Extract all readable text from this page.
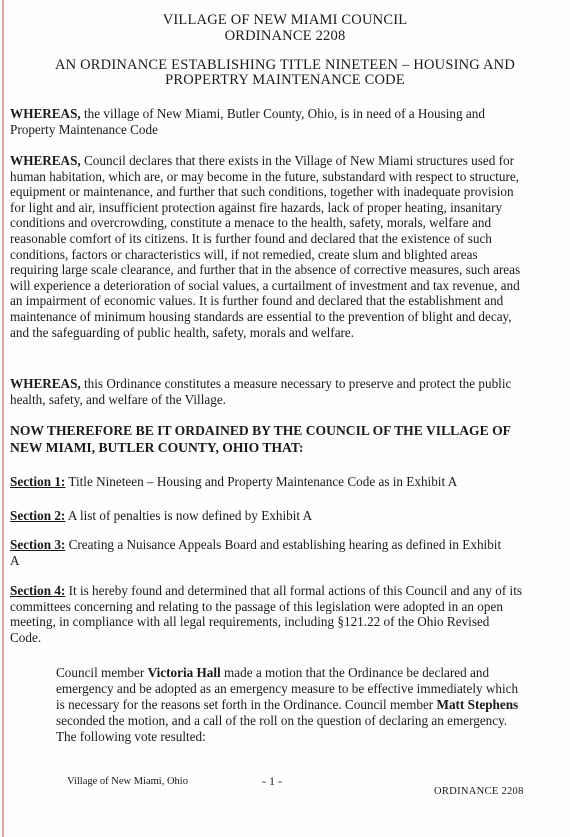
VILLAGE OF NEW MIAMI COUNCIL
ORDINANCE 2208
AN ORDINANCE ESTABLISHING TITLE NINETEEN – HOUSING AND
PROPERTRY MAINTENANCE CODE
WHEREAS, the village of New Miami, Butler County, Ohio, is in need of a Housing and Property Maintenance Code
WHEREAS, Council declares that there exists in the Village of New Miami structures used for human habitation, which are, or may become in the future, substandard with respect to structure, equipment or maintenance, and further that such conditions, together with inadequate provision for light and air, insufficient protection against fire hazards, lack of proper heating, insanitary conditions and overcrowding, constitute a menace to the health, safety, morals, welfare and reasonable comfort of its citizens. It is further found and declared that the existence of such conditions, factors or characteristics will, if not remedied, create slum and blighted areas requiring large scale clearance, and further that in the absence of corrective measures, such areas will experience a deterioration of social values, a curtailment of investment and tax revenue, and an impairment of economic values. It is further found and declared that the establishment and maintenance of minimum housing standards are essential to the prevention of blight and decay, and the safeguarding of public health, safety, morals and welfare.
WHEREAS, this Ordinance constitutes a measure necessary to preserve and protect the public health, safety, and welfare of the Village.
NOW THEREFORE BE IT ORDAINED BY THE COUNCIL OF THE VILLAGE OF NEW MIAMI, BUTLER COUNTY, OHIO THAT:
Section 1: Title Nineteen – Housing and Property Maintenance Code as in Exhibit A
Section 2: A list of penalties is now defined by Exhibit A
Section 3: Creating a Nuisance Appeals Board and establishing hearing as defined in Exhibit A
Section 4: It is hereby found and determined that all formal actions of this Council and any of its committees concerning and relating to the passage of this legislation were adopted in an open meeting, in compliance with all legal requirements, including §121.22 of the Ohio Revised Code.
Council member Victoria Hall made a motion that the Ordinance be declared and emergency and be adopted as an emergency measure to be effective immediately which is necessary for the reasons set forth in the Ordinance. Council member Matt Stephens seconded the motion, and a call of the roll on the question of declaring an emergency. The following vote resulted:
Village of New Miami, Ohio	- 1 -
ORDINANCE 2208
